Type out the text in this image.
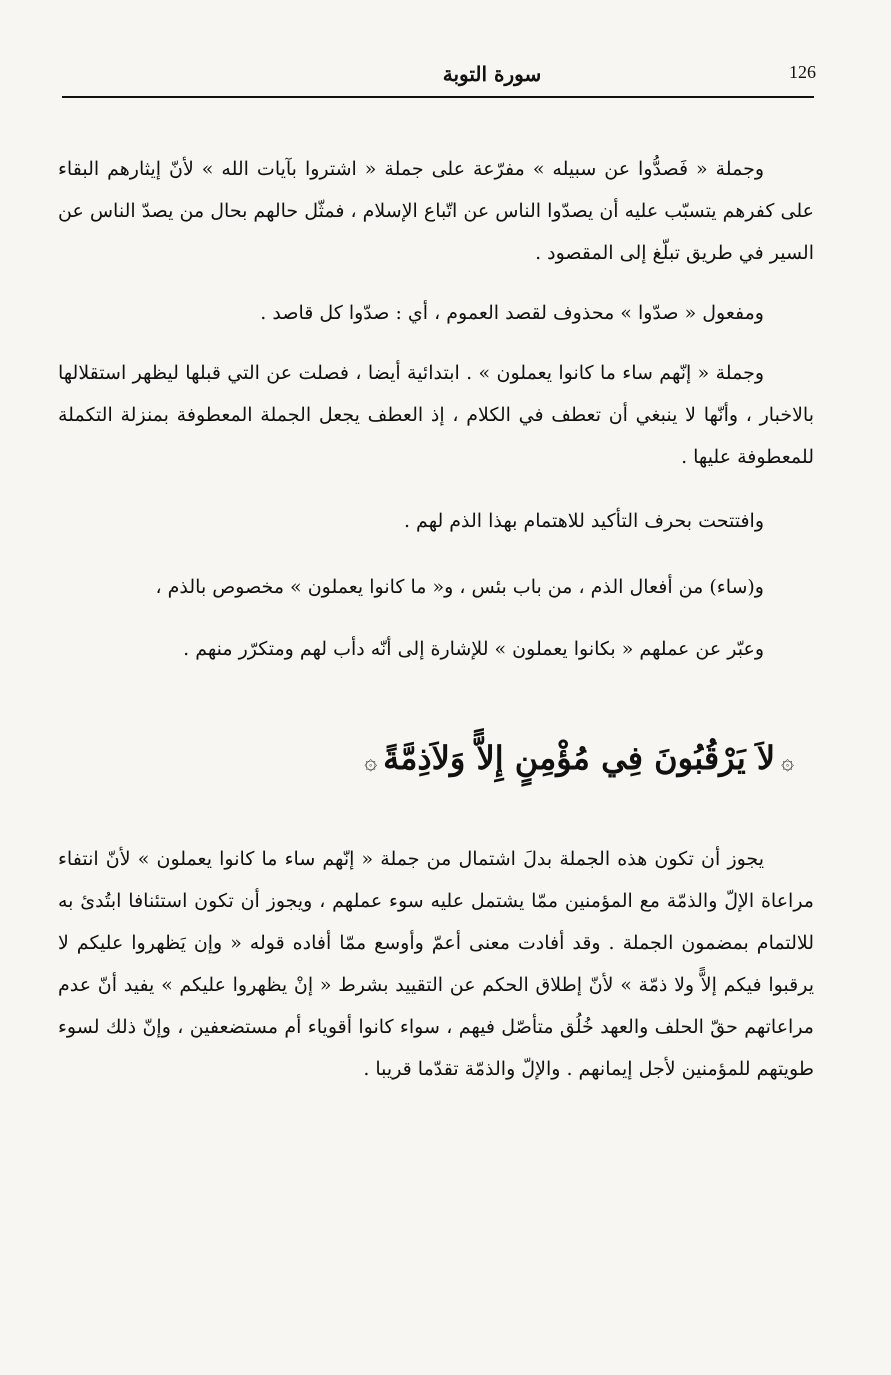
126
سورة التوبة

وجملة « فَصدُّوا عن سبيله » مفرّعة على جملة « اشتروا بآيات الله » لأنّ إيثارهم البقاء على كفرهم يتسبّب عليه أن يصدّوا الناس عن اتّباع الإسلام ، فمثّل حالهم بحال من يصدّ الناس عن السير في طريق تبلّغ إلى المقصود .

ومفعول « صدّوا » محذوف لقصد العموم ، أي : صدّوا كل قاصد .

وجملة « إنّهم ساء ما كانوا يعملون » . ابتدائية أيضا ، فصلت عن التي قبلها ليظهر استقلالها بالاخبار ، وأنّها لا ينبغي أن تعطف في الكلام ، إذ العطف يجعل الجملة المعطوفة بمنزلة التكملة للمعطوفة عليها .

وافتتحت بحرف التأكيد للاهتمام بهذا الذم لهم .

و(ساء) من أفعال الذم ، من باب بئس ، و« ما كانوا يعملون » مخصوص بالذم ،

وعبّر عن عملهم « بكانوا يعملون » للإشارة إلى أنّه دأب لهم ومتكرّر منهم .

۞لاَ يَرْقُبُونَ فِي مُؤْمِنٍ إِلاًّ وَلاَذِمَّةً۞

يجوز أن تكون هذه الجملة بدلَ اشتمال من جملة « إنّهم ساء ما كانوا يعملون » لأنّ انتفاء مراعاة الإلّ والذمّة مع المؤمنين ممّا يشتمل عليه سوء عملهم ، ويجوز أن تكون استئنافا ابتُدئ به للالتمام بمضمون الجملة . وقد أفادت معنى أعمّ وأوسع ممّا أفاده قوله « وإن يَظهروا عليكم لا يرقبوا فيكم إلاًّ ولا ذمّة » لأنّ إطلاق الحكم عن التقييد بشرط « إنْ يظهروا عليكم » يفيد أنّ عدم مراعاتهم حقّ الحلف والعهد خُلُق متأصّل فيهم ، سواء كانوا أقوياء أم مستضعفين ، وإنّ ذلك لسوء طويتهم للمؤمنين لأجل إيمانهم . والإلّ والذمّة تقدّما قريبا .
